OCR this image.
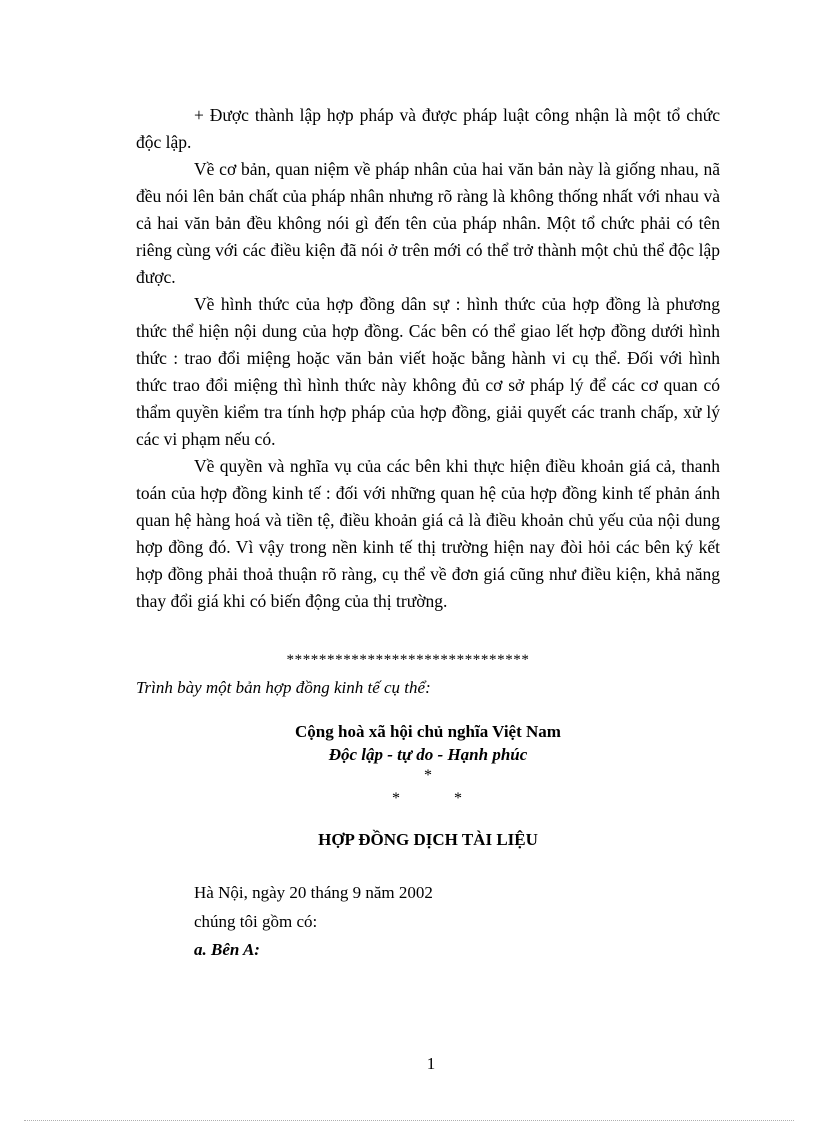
+ Được thành lập hợp pháp và được pháp luật công nhận là một tổ chức độc lập.

Về cơ bản, quan niệm về pháp nhân của hai văn bản này là giống nhau, nã đều nói lên bản chất của pháp nhân nhưng rõ ràng là không thống nhất với nhau và cả hai văn bản đều không nói gì đến tên của pháp nhân. Một tổ chức phải có tên riêng cùng với các điều kiện đã nói ở trên mới có thể trở thành một chủ thể độc lập được.

Về hình thức của hợp đồng dân sự : hình thức của hợp đồng là phương thức thể hiện nội dung của hợp đồng. Các bên có thể giao lết hợp đồng dưới hình thức : trao đổi miệng hoặc văn bản viết hoặc bằng hành vi cụ thể. Đối với hình thức trao đổi miệng thì hình thức này không đủ cơ sở pháp lý để các cơ quan có thẩm quyền kiểm tra tính hợp pháp của hợp đồng, giải quyết các tranh chấp, xử lý các vi phạm nếu có.

Về quyền và nghĩa vụ của các bên khi thực hiện điều khoản giá cả, thanh toán của hợp đồng kinh tế : đối với những quan hệ của hợp đồng kinh tế phản ánh quan hệ hàng hoá và tiền tệ, điều khoản giá cả là điều khoản chủ yếu của nội dung hợp đồng đó. Vì vậy trong nền kinh tế thị trường hiện nay đòi hỏi các bên ký kết hợp đồng phải thoả thuận rõ ràng, cụ thể về đơn giá cũng như điều kiện, khả năng thay đổi giá khi có biến động của thị trường.

******************************
Trình bày một bản hợp đồng kinh tế cụ thể:
Cộng hoà xã hội chủ nghĩa Việt Nam
Độc lập - tự do - Hạnh phúc
*
*	*
HỢP ĐỒNG DỊCH TÀI LIỆU
Hà Nội, ngày 20 tháng 9 năm 2002
chúng tôi gồm có:
a. Bên A:
1
